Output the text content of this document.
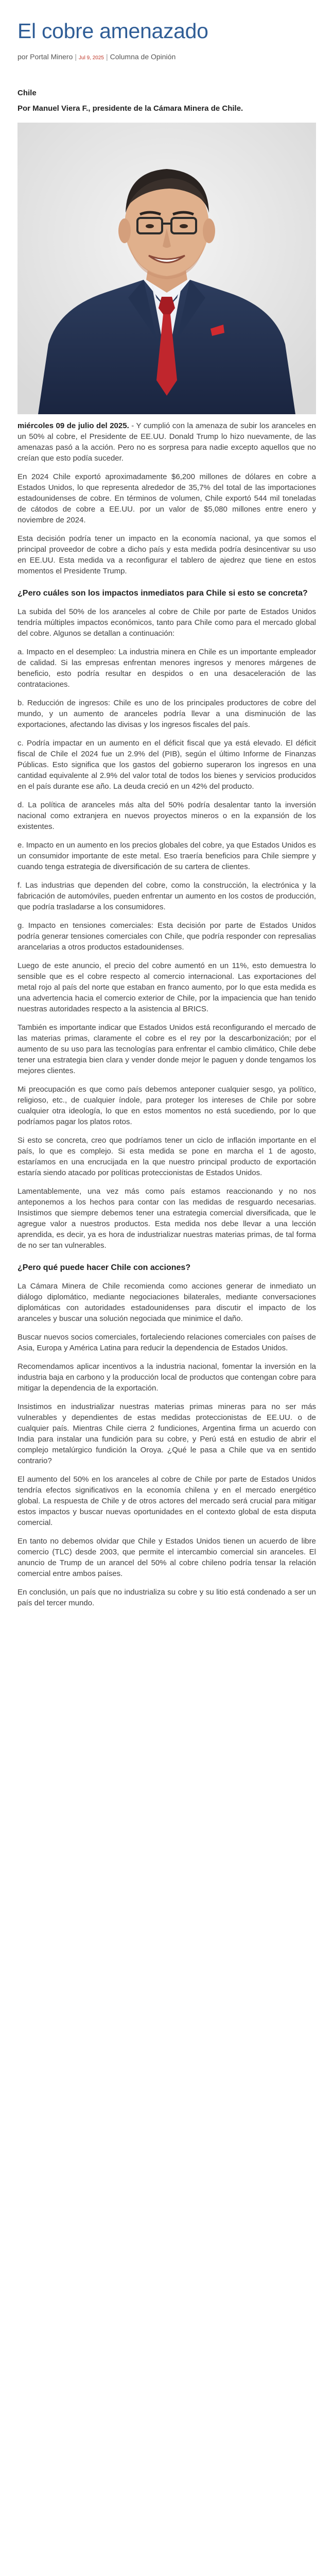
El cobre amenazado
por Portal Minero | Jul 9, 2025 | Columna de Opinión

Chile

Por Manuel Viera F., presidente de la Cámara Minera de Chile.

miércoles 09 de julio del 2025. - Y cumplió con la amenaza de subir los aranceles en un 50% al cobre, el Presidente de EE.UU. Donald Trump lo hizo nuevamente, de las amenazas pasó a la acción. Pero no es sorpresa para nadie excepto aquellos que no creían que esto podía suceder.

En 2024 Chile exportó aproximadamente $6,200 millones de dólares en cobre a Estados Unidos, lo que representa alrededor de 35,7% del total de las importaciones estadounidenses de cobre. En términos de volumen, Chile exportó 544 mil toneladas de cátodos de cobre a EE.UU. por un valor de $5,080 millones entre enero y noviembre de 2024.

Esta decisión podría tener un impacto en la economía nacional, ya que somos el principal proveedor de cobre a dicho país y esta medida podría desincentivar su uso en EE.UU. Esta medida va a reconfigurar el tablero de ajedrez que tiene en estos momentos el Presidente Trump.

¿Pero cuáles son los impactos inmediatos para Chile si esto se concreta?

La subida del 50% de los aranceles al cobre de Chile por parte de Estados Unidos tendría múltiples impactos económicos, tanto para Chile como para el mercado global del cobre. Algunos se detallan a continuación:

a. Impacto en el desempleo: La industria minera en Chile es un importante empleador de calidad. Si las empresas enfrentan menores ingresos y menores márgenes de beneficio, esto podría resultar en despidos o en una desaceleración de las contrataciones.

b. Reducción de ingresos: Chile es uno de los principales productores de cobre del mundo, y un aumento de aranceles podría llevar a una disminución de las exportaciones, afectando las divisas y los ingresos fiscales del país.

c. Podría impactar en un aumento en el déficit fiscal que ya está elevado. El déficit fiscal de Chile el 2024 fue un 2.9% del (PIB), según el último Informe de Finanzas Públicas. Esto significa que los gastos del gobierno superaron los ingresos en una cantidad equivalente al 2.9% del valor total de todos los bienes y servicios producidos en el país durante ese año. La deuda creció en un 42% del producto.

d. La política de aranceles más alta del 50% podría desalentar tanto la inversión nacional como extranjera en nuevos proyectos mineros o en la expansión de los existentes.

e. Impacto en un aumento en los precios globales del cobre, ya que Estados Unidos es un consumidor importante de este metal. Eso traería beneficios para Chile siempre y cuando tenga estrategia de diversificación de su cartera de clientes.

f. Las industrias que dependen del cobre, como la construcción, la electrónica y la fabricación de automóviles, pueden enfrentar un aumento en los costos de producción, que podría trasladarse a los consumidores.

g. Impacto en tensiones comerciales: Esta decisión por parte de Estados Unidos podría generar tensiones comerciales con Chile, que podría responder con represalias arancelarias a otros productos estadounidenses.

Luego de este anuncio, el precio del cobre aumentó en un 11%, esto demuestra lo sensible que es el cobre respecto al comercio internacional. Las exportaciones del metal rojo al país del norte que estaban en franco aumento, por lo que esta medida es una advertencia hacia el comercio exterior de Chile, por la impaciencia que han tenido nuestras autoridades respecto a la asistencia al BRICS.

También es importante indicar que Estados Unidos está reconfigurando el mercado de las materias primas, claramente el cobre es el rey por la descarbonización; por el aumento de su uso para las tecnologías para enfrentar el cambio climático, Chile debe tener una estrategia bien clara y vender donde mejor le paguen y donde tengamos los mejores clientes.

Mi preocupación es que como país debemos anteponer cualquier sesgo, ya político, religioso, etc., de cualquier índole, para proteger los intereses de Chile por sobre cualquier otra ideología, lo que en estos momentos no está sucediendo, por lo que podríamos pagar los platos rotos.

Si esto se concreta, creo que podríamos tener un ciclo de inflación importante en el país, lo que es complejo. Si esta medida se pone en marcha el 1 de agosto, estaríamos en una encrucijada en la que nuestro principal producto de exportación estaría siendo atacado por políticas proteccionistas de Estados Unidos.

Lamentablemente, una vez más como país estamos reaccionando y no nos anteponemos a los hechos para contar con las medidas de resguardo necesarias. Insistimos que siempre debemos tener una estrategia comercial diversificada, que le agregue valor a nuestros productos. Esta medida nos debe llevar a una lección aprendida, es decir, ya es hora de industrializar nuestras materias primas, de tal forma de no ser tan vulnerables.

¿Pero qué puede hacer Chile con acciones?

La Cámara Minera de Chile recomienda como acciones generar de inmediato un diálogo diplomático, mediante negociaciones bilaterales, mediante conversaciones diplomáticas con autoridades estadounidenses para discutir el impacto de los aranceles y buscar una solución negociada que minimice el daño.

Buscar nuevos socios comerciales, fortaleciendo relaciones comerciales con países de Asia, Europa y América Latina para reducir la dependencia de Estados Unidos.

Recomendamos aplicar incentivos a la industria nacional, fomentar la inversión en la industria baja en carbono y la producción local de productos que contengan cobre para mitigar la dependencia de la exportación.

Insistimos en industrializar nuestras materias primas mineras para no ser más vulnerables y dependientes de estas medidas proteccionistas de EE.UU. o de cualquier país. Mientras Chile cierra 2 fundiciones, Argentina firma un acuerdo con India para instalar una fundición para su cobre, y Perú está en estudio de abrir el complejo metalúrgico fundición la Oroya. ¿Qué le pasa a Chile que va en sentido contrario?

El aumento del 50% en los aranceles al cobre de Chile por parte de Estados Unidos tendría efectos significativos en la economía chilena y en el mercado energético global. La respuesta de Chile y de otros actores del mercado será crucial para mitigar estos impactos y buscar nuevas oportunidades en el contexto global de esta disputa comercial.

En tanto no debemos olvidar que Chile y Estados Unidos tienen un acuerdo de libre comercio (TLC) desde 2003, que permite el intercambio comercial sin aranceles. El anuncio de Trump de un arancel del 50% al cobre chileno podría tensar la relación comercial entre ambos países.

En conclusión, un país que no industrializa su cobre y su litio está condenado a ser un país del tercer mundo.
